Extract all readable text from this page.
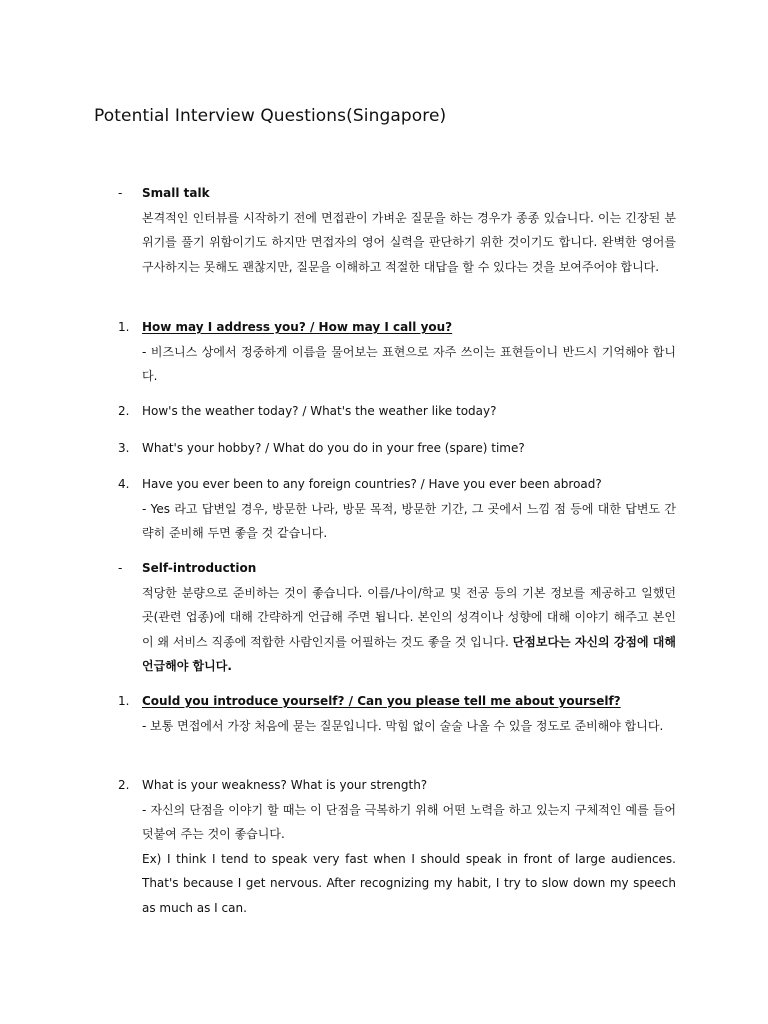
Potential Interview Questions(Singapore)
-	Small talk
본격적인 인터뷰를 시작하기 전에 면접관이 가벼운 질문을 하는 경우가 종종 있습니다. 이는 긴장된 분위기를 풀기 위함이기도 하지만 면접자의 영어 실력을 판단하기 위한 것이기도 합니다. 완벽한 영어를 구사하지는 못해도 괜찮지만, 질문을 이해하고 적절한 대답을 할 수 있다는 것을 보여주어야 합니다.
1.	How may I address you? / How may I call you?
- 비즈니스 상에서 정중하게 이름을 물어보는 표현으로 자주 쓰이는 표현들이니 반드시 기억해야 합니다.
2.	How's the weather today? / What's the weather like today?
3.	What's your hobby? / What do you do in your free (spare) time?
4.	Have you ever been to any foreign countries? / Have you ever been abroad?
- Yes 라고 답변일 경우, 방문한 나라, 방문 목적, 방문한 기간, 그 곳에서 느낌 점 등에 대한 답변도 간략히 준비해 두면 좋을 것 같습니다.
-	Self-introduction
적당한 분량으로 준비하는 것이 좋습니다. 이름/나이/학교 및 전공 등의 기본 정보를 제공하고 일했던 곳(관련 업종)에 대해 간략하게 언급해 주면 됩니다. 본인의 성격이나 성향에 대해 이야기 해주고 본인이 왜 서비스 직종에 적합한 사람인지를 어필하는 것도 좋을 것 입니다. 단점보다는 자신의 강점에 대해 언급해야 합니다.
1.	Could you introduce yourself? / Can you please tell me about yourself?
- 보통 면접에서 가장 처음에 묻는 질문입니다. 막힘 없이 술술 나올 수 있을 정도로 준비해야 합니다.
2.	What is your weakness? What is your strength?
- 자신의 단점을 이야기 할 때는 이 단점을 극복하기 위해 어떤 노력을 하고 있는지 구체적인 예를 들어 덧붙여 주는 것이 좋습니다.
Ex) I think I tend to speak very fast when I should speak in front of large audiences. That's because I get nervous. After recognizing my habit, I try to slow down my speech as much as I can.
